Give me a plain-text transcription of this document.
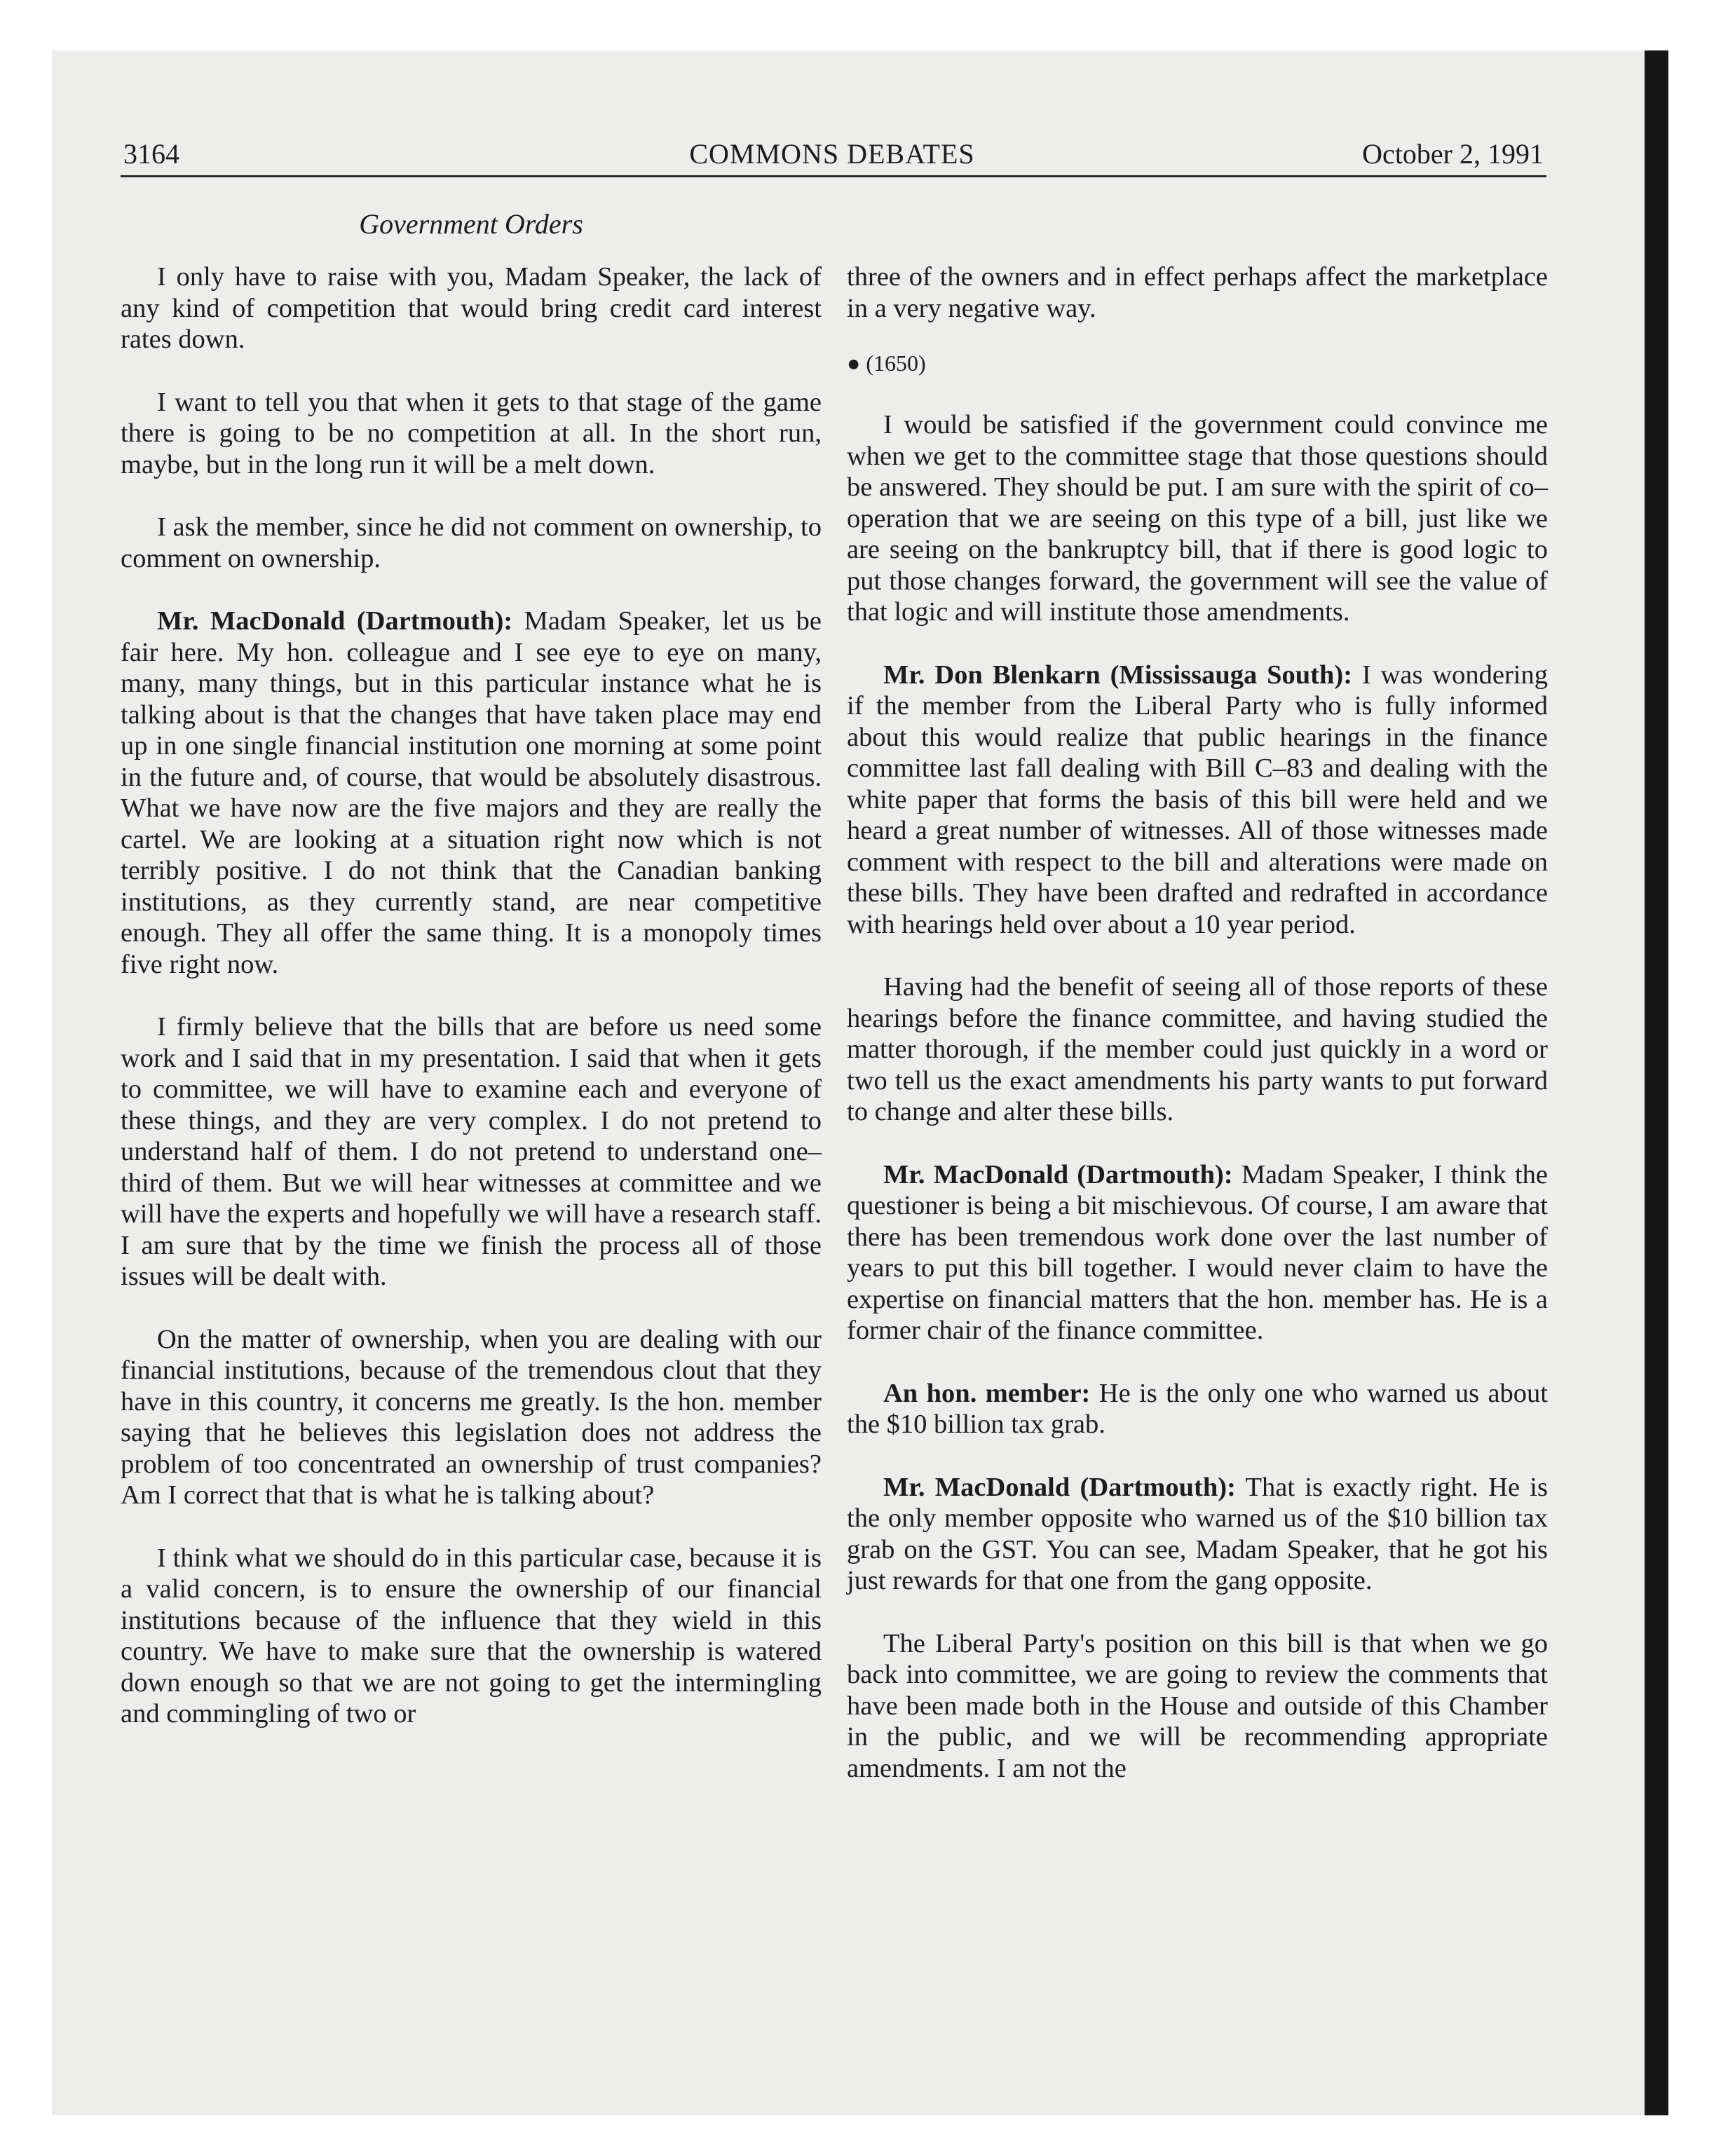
3164	COMMONS DEBATES	October 2, 1991
Government Orders

I only have to raise with you, Madam Speaker, the lack of any kind of competition that would bring credit card interest rates down.

I want to tell you that when it gets to that stage of the game there is going to be no competition at all. In the short run, maybe, but in the long run it will be a melt down.

I ask the member, since he did not comment on ownership, to comment on ownership.

Mr. MacDonald (Dartmouth): Madam Speaker, let us be fair here. My hon. colleague and I see eye to eye on many, many, many things, but in this particular instance what he is talking about is that the changes that have taken place may end up in one single financial institution one morning at some point in the future and, of course, that would be absolutely disastrous. What we have now are the five majors and they are really the cartel. We are looking at a situation right now which is not terribly positive. I do not think that the Canadian banking institutions, as they currently stand, are near competitive enough. They all offer the same thing. It is a monopoly times five right now.

I firmly believe that the bills that are before us need some work and I said that in my presentation. I said that when it gets to committee, we will have to examine each and everyone of these things, and they are very complex. I do not pretend to understand half of them. I do not pretend to understand one–third of them. But we will hear witnesses at committee and we will have the experts and hopefully we will have a research staff. I am sure that by the time we finish the process all of those issues will be dealt with.

On the matter of ownership, when you are dealing with our financial institutions, because of the tremendous clout that they have in this country, it concerns me greatly. Is the hon. member saying that he believes this legislation does not address the problem of too concentrated an ownership of trust companies? Am I correct that that is what he is talking about?

I think what we should do in this particular case, because it is a valid concern, is to ensure the ownership of our financial institutions because of the influence that they wield in this country. We have to make sure that the ownership is watered down enough so that we are not going to get the intermingling and commingling of two or

three of the owners and in effect perhaps affect the marketplace in a very negative way.

● (1650)

I would be satisfied if the government could convince me when we get to the committee stage that those questions should be answered. They should be put. I am sure with the spirit of co–operation that we are seeing on this type of a bill, just like we are seeing on the bankruptcy bill, that if there is good logic to put those changes forward, the government will see the value of that logic and will institute those amendments.

Mr. Don Blenkarn (Mississauga South): I was wondering if the member from the Liberal Party who is fully informed about this would realize that public hearings in the finance committee last fall dealing with Bill C–83 and dealing with the white paper that forms the basis of this bill were held and we heard a great number of witnesses. All of those witnesses made comment with respect to the bill and alterations were made on these bills. They have been drafted and redrafted in accordance with hearings held over about a 10 year period.

Having had the benefit of seeing all of those reports of these hearings before the finance committee, and having studied the matter thorough, if the member could just quickly in a word or two tell us the exact amendments his party wants to put forward to change and alter these bills.

Mr. MacDonald (Dartmouth): Madam Speaker, I think the questioner is being a bit mischievous. Of course, I am aware that there has been tremendous work done over the last number of years to put this bill together. I would never claim to have the expertise on financial matters that the hon. member has. He is a former chair of the finance committee.

An hon. member: He is the only one who warned us about the $10 billion tax grab.

Mr. MacDonald (Dartmouth): That is exactly right. He is the only member opposite who warned us of the $10 billion tax grab on the GST. You can see, Madam Speaker, that he got his just rewards for that one from the gang opposite.

The Liberal Party's position on this bill is that when we go back into committee, we are going to review the comments that have been made both in the House and outside of this Chamber in the public, and we will be recommending appropriate amendments. I am not the
